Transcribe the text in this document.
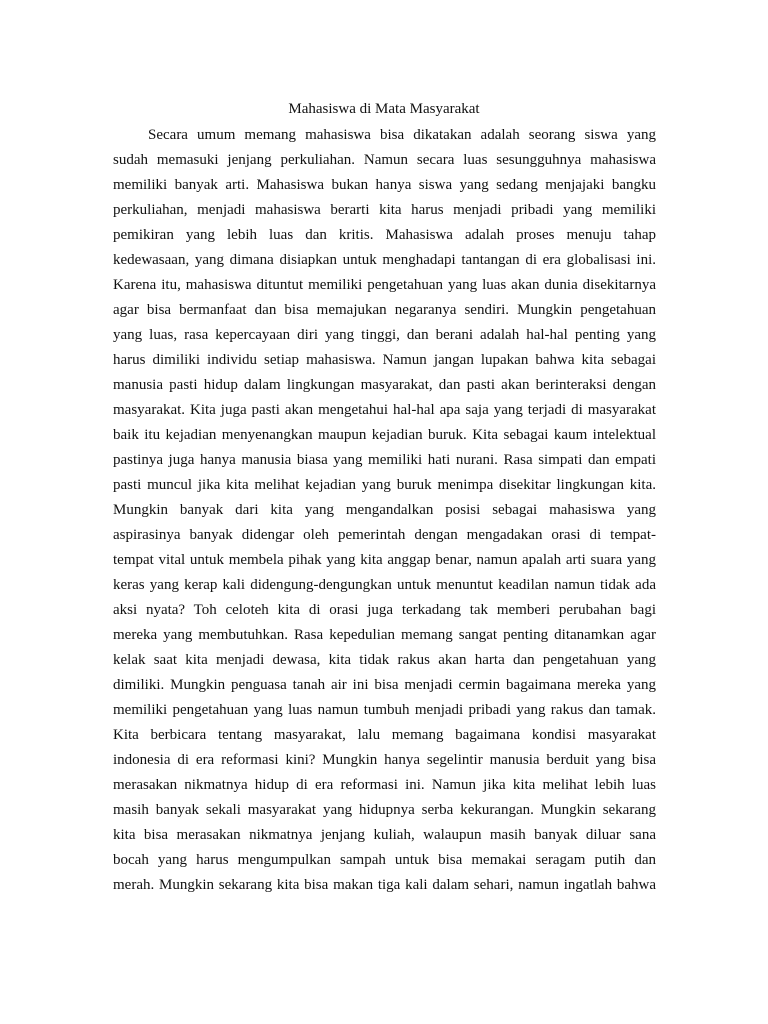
Mahasiswa di Mata Masyarakat
Secara umum memang mahasiswa bisa dikatakan adalah seorang siswa yang
sudah memasuki jenjang perkuliahan. Namun secara luas sesungguhnya mahasiswa
memiliki banyak arti. Mahasiswa bukan hanya siswa yang sedang menjajaki bangku
perkuliahan, menjadi mahasiswa berarti kita harus menjadi pribadi yang memiliki
pemikiran yang lebih luas dan kritis. Mahasiswa adalah proses menuju tahap
kedewasaan, yang dimana disiapkan untuk menghadapi tantangan di era globalisasi ini.
Karena itu, mahasiswa dituntut memiliki pengetahuan yang luas akan dunia disekitarnya
agar bisa bermanfaat dan bisa memajukan negaranya sendiri. Mungkin pengetahuan
yang luas, rasa kepercayaan diri yang tinggi, dan berani adalah hal-hal penting yang
harus dimiliki individu setiap mahasiswa. Namun jangan lupakan bahwa kita sebagai
manusia pasti hidup dalam lingkungan masyarakat, dan pasti akan berinteraksi dengan
masyarakat. Kita juga pasti akan mengetahui hal-hal apa saja yang terjadi di masyarakat
baik itu kejadian menyenangkan maupun kejadian buruk. Kita sebagai kaum intelektual
pastinya juga hanya manusia biasa yang memiliki hati nurani. Rasa simpati dan empati
pasti muncul jika kita melihat kejadian yang buruk menimpa disekitar lingkungan kita.
Mungkin banyak dari kita yang mengandalkan posisi sebagai mahasiswa yang
aspirasinya banyak didengar oleh pemerintah dengan mengadakan orasi di tempat-
tempat vital untuk membela pihak yang kita anggap benar, namun apalah arti suara yang
keras yang kerap kali didengung-dengungkan untuk menuntut keadilan namun tidak ada
aksi nyata? Toh celoteh kita di orasi juga terkadang tak memberi perubahan bagi
mereka yang membutuhkan. Rasa kepedulian memang sangat penting ditanamkan agar
kelak saat kita menjadi dewasa, kita tidak rakus akan harta dan pengetahuan yang
dimiliki. Mungkin penguasa tanah air ini bisa menjadi cermin bagaimana mereka yang
memiliki pengetahuan yang luas namun tumbuh menjadi pribadi yang rakus dan tamak.
Kita berbicara tentang masyarakat, lalu memang bagaimana kondisi masyarakat
indonesia di era reformasi kini? Mungkin hanya segelintir manusia berduit yang bisa
merasakan nikmatnya hidup di era reformasi ini. Namun jika kita melihat lebih luas
masih banyak sekali masyarakat yang hidupnya serba kekurangan. Mungkin sekarang
kita bisa merasakan nikmatnya jenjang kuliah, walaupun masih banyak diluar sana
bocah yang harus mengumpulkan sampah untuk bisa memakai seragam putih dan
merah. Mungkin sekarang kita bisa makan tiga kali dalam sehari, namun ingatlah bahwa
